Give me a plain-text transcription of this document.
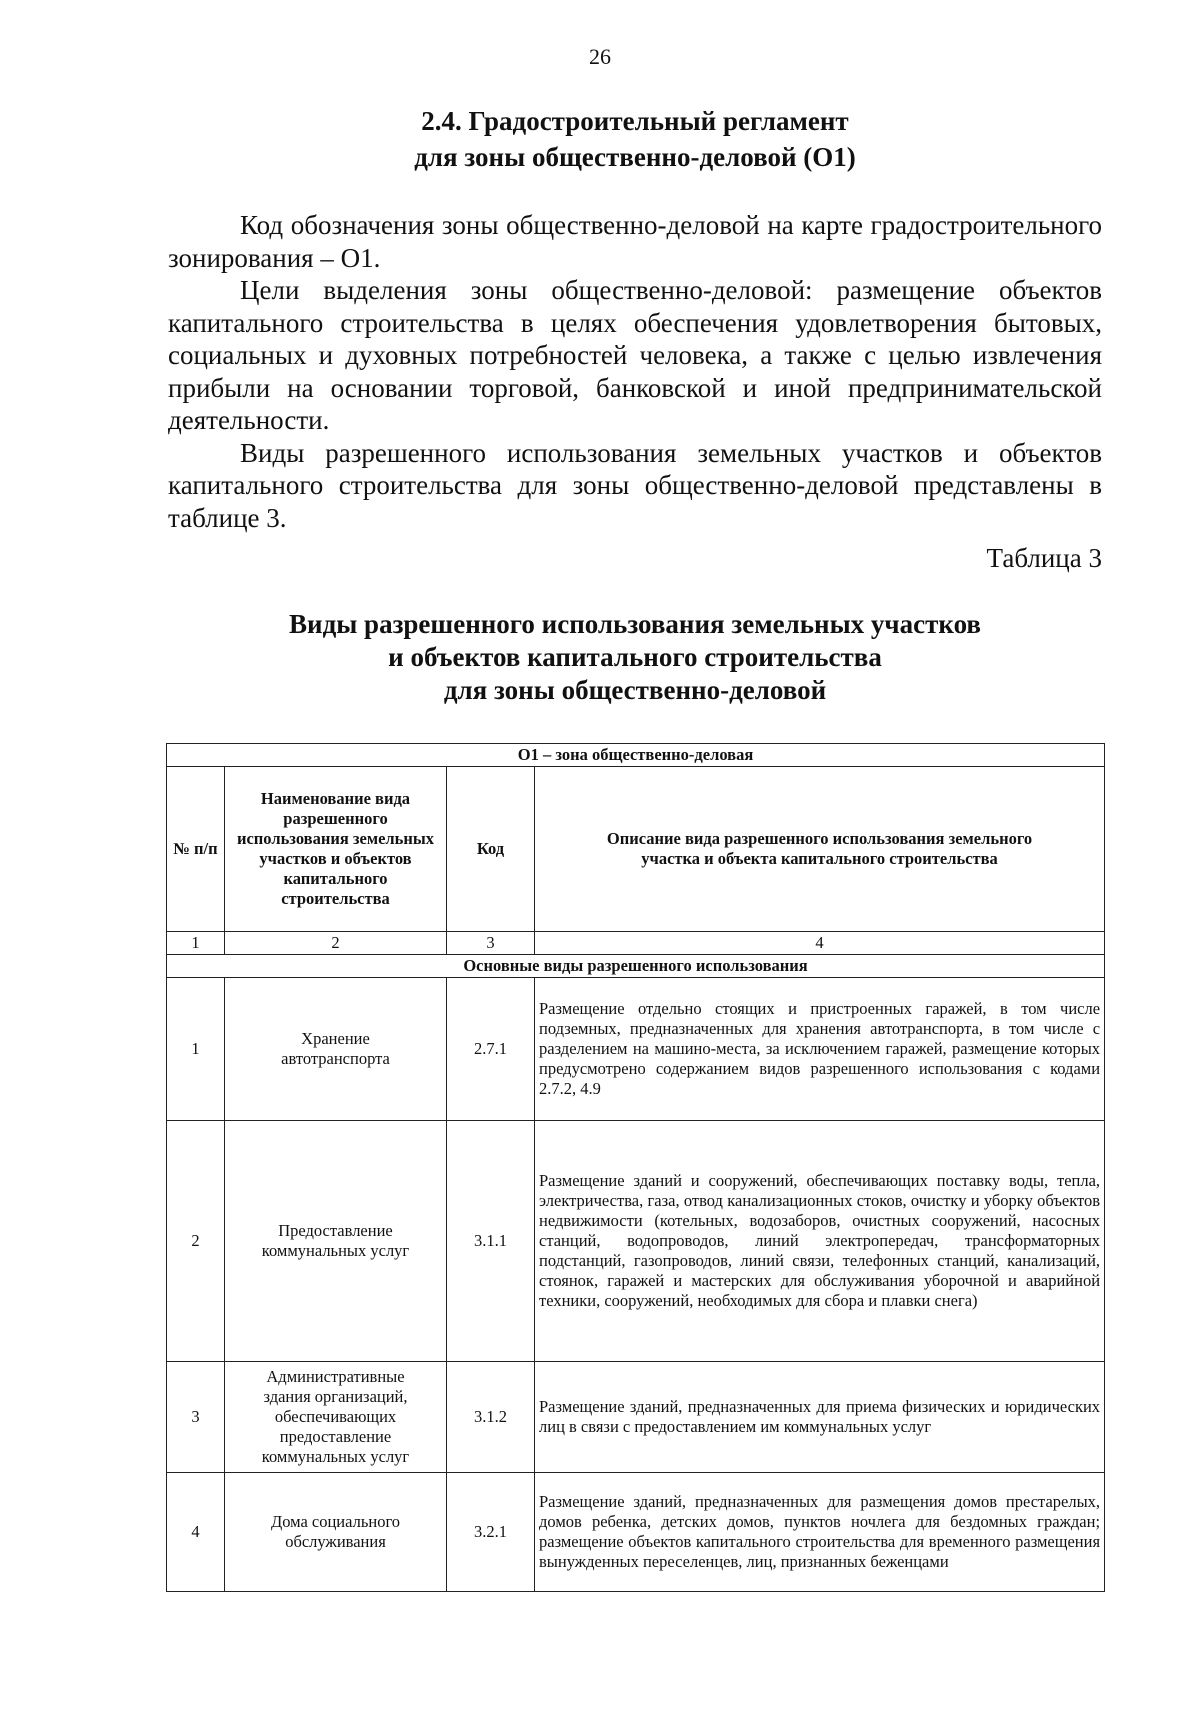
26
2.4. Градостроительный регламент
для зоны общественно-деловой (О1)

Код обозначения зоны общественно-деловой на карте градостроительного зонирования – О1.

Цели выделения зоны общественно-деловой: размещение объектов капитального строительства в целях обеспечения удовлетворения бытовых, социальных и духовных потребностей человека, а также с целью извлечения прибыли на основании торговой, банковской и иной предпринимательской деятельности.

Виды разрешенного использования земельных участков и объектов капитального строительства для зоны общественно-деловой представлены в таблице 3.

Таблица 3
Виды разрешенного использования земельных участков
и объектов капитального строительства
для зоны общественно-деловой
О1 – зона общественно-деловая			
№ п/п	Наименование вида разрешенного использования земельных участков и объектов капитального строительства	Код	Описание вида разрешенного использования земельного участка и объекта капитального строительства
1	2	3	4
Основные виды разрешенного использования			
1	Хранение автотранспорта	2.7.1	Размещение отдельно стоящих и пристроенных гаражей, в том числе подземных, предназначенных для хранения автотранспорта, в том числе с разделением на машино-места, за исключением гаражей, размещение которых предусмотрено содержанием видов разрешенного использования с кодами 2.7.2, 4.9
2	Предоставление коммунальных услуг	3.1.1	Размещение зданий и сооружений, обеспечивающих поставку воды, тепла, электричества, газа, отвод канализационных стоков, очистку и уборку объектов недвижимости (котельных, водозаборов, очистных сооружений, насосных станций, водопроводов, линий электропередач, трансформаторных подстанций, газопроводов, линий связи, телефонных станций, канализаций, стоянок, гаражей и мастерских для обслуживания уборочной и аварийной техники, сооружений, необходимых для сбора и плавки снега)
3	Административные здания организаций, обеспечивающих предоставление коммунальных услуг	3.1.2	Размещение зданий, предназначенных для приема физических и юридических лиц в связи с предоставлением им коммунальных услуг
4	Дома социального обслуживания	3.2.1	Размещение зданий, предназначенных для размещения домов престарелых, домов ребенка, детских домов, пунктов ночлега для бездомных граждан; размещение объектов капитального строительства для временного размещения вынужденных переселенцев, лиц, признанных беженцами
